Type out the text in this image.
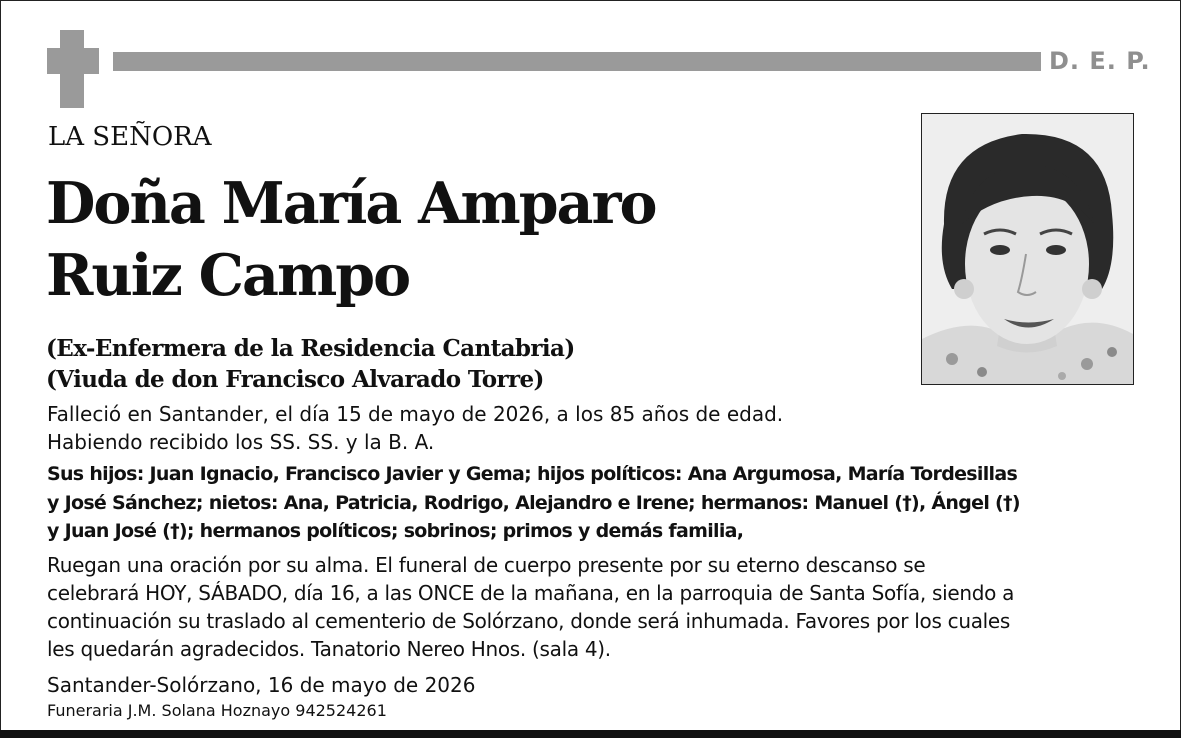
D. E. P.
LA SEÑORA
Doña María Amparo
Ruiz Campo
(Ex-Enfermera de la Residencia Cantabria)
(Viuda de don Francisco Alvarado Torre)
Falleció en Santander, el día 15 de mayo de 2026, a los 85 años de edad.
Habiendo recibido los SS. SS. y la B. A.
Sus hijos: Juan Ignacio, Francisco Javier y Gema; hijos políticos: Ana Argumosa, María Tordesillas
y José Sánchez; nietos: Ana, Patricia, Rodrigo, Alejandro e Irene; hermanos: Manuel (†), Ángel (†)
y Juan José (†); hermanos políticos; sobrinos; primos y demás familia,
Ruegan una oración por su alma. El funeral de cuerpo presente por su eterno descanso se
celebrará HOY, SÁBADO, día 16, a las ONCE de la mañana, en la parroquia de Santa Sofía, siendo a
continuación su traslado al cementerio de Solórzano, donde será inhumada. Favores por los cuales
les quedarán agradecidos. Tanatorio Nereo Hnos. (sala 4).
Santander-Solórzano, 16 de mayo de 2026
Funeraria J.M. Solana Hoznayo 942524261
